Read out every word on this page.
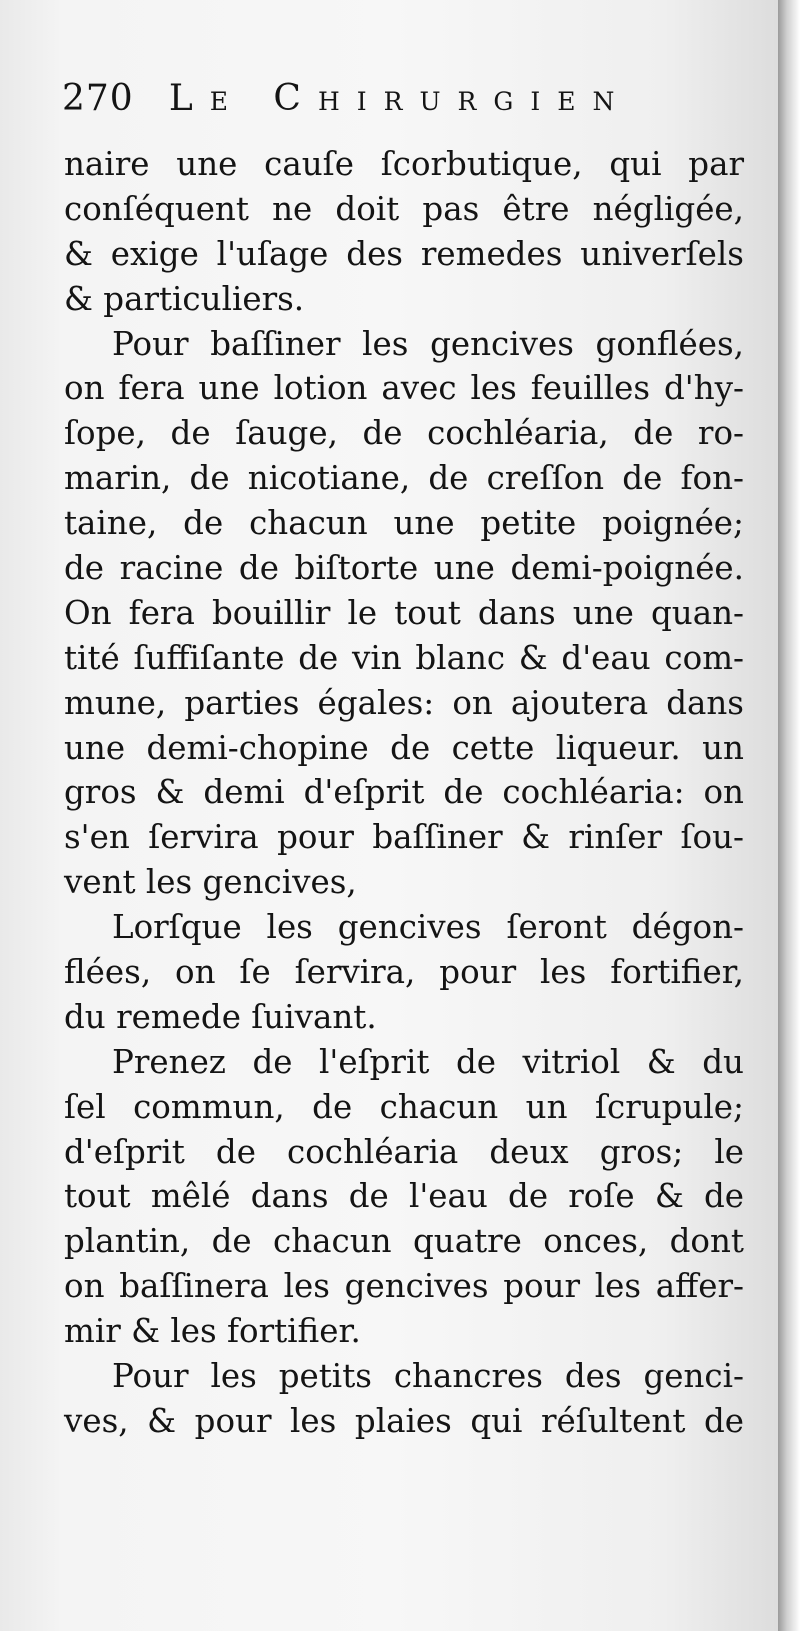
270 Le Chirurgien
naire une cauſe ſcorbutique, qui par
conſéquent ne doit pas être négligée,
& exige l'uſage des remedes univerſels
& particuliers.
Pour baſſiner les gencives gonflées,
on fera une lotion avec les feuilles d'hy-
ſope, de ſauge, de cochléaria, de ro-
marin, de nicotiane, de creſſon de fon-
taine, de chacun une petite poignée;
de racine de biſtorte une demi-poignée.
On fera bouillir le tout dans une quan-
tité ſuffiſante de vin blanc & d'eau com-
mune, parties égales: on ajoutera dans
une demi-chopine de cette liqueur. un
gros & demi d'eſprit de cochléaria: on
s'en ſervira pour baſſiner & rinſer ſou-
vent les gencives,
Lorſque les gencives ſeront dégon-
flées, on ſe ſervira, pour les fortifier,
du remede ſuivant.
Prenez de l'eſprit de vitriol & du
ſel commun, de chacun un ſcrupule;
d'eſprit de cochléaria deux gros; le
tout mêlé dans de l'eau de roſe & de
plantin, de chacun quatre onces, dont
on baſſinera les gencives pour les affer-
mir & les fortifier.
Pour les petits chancres des genci-
ves, & pour les plaies qui réſultent de
